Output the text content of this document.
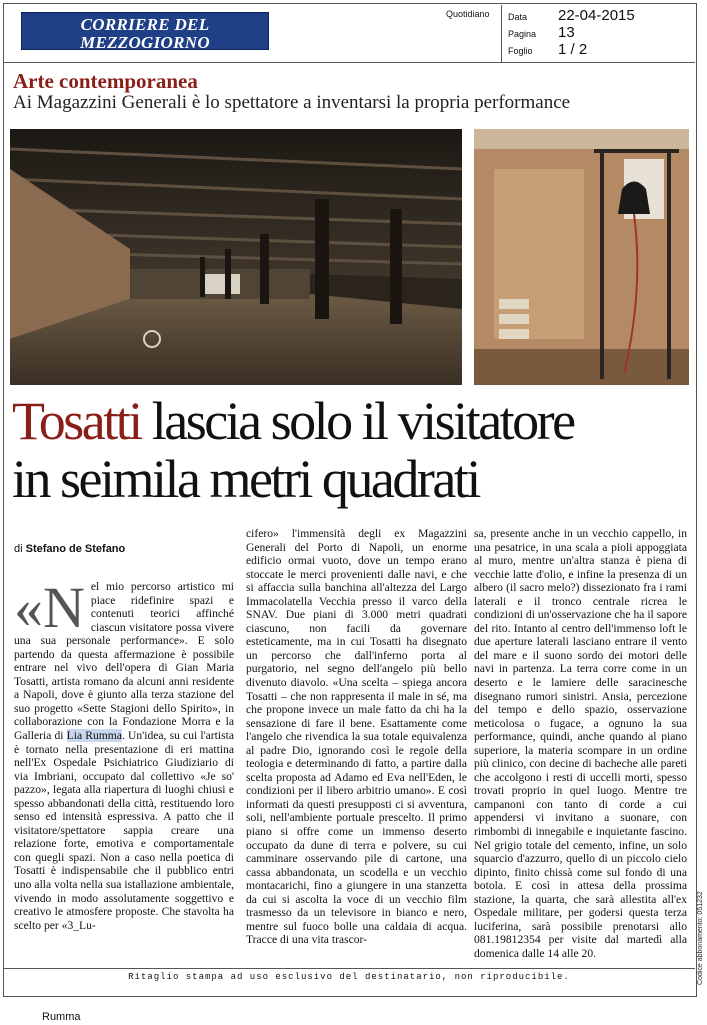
CORRIERE DEL MEZZOGIORNO
CAMPANIA
Quotidiano Data 22-04-2015
Pagina 13
Foglio 1 / 2
Arte contemporanea
Ai Magazzini Generali è lo spettatore a inventarsi la propria performance
Tosatti lascia solo il visitatore
in seimila metri quadrati
di Stefano de Stefano
«N el mio percorso artistico mi piace ridefinire spazi e contenuti teorici affinché ciascun visitatore possa vivere una sua personale performance». E solo partendo da questa affermazione è possibile entrare nel vivo dell'opera di Gian Maria Tosatti, artista romano da alcuni anni residente a Napoli, dove è giunto alla terza stazione del suo progetto «Sette Stagioni dello Spirito», in collaborazione con la Fondazione Morra e la Galleria di Lia Rumma. Un'idea, su cui l'artista è tornato nella presentazione di eri mattina nell'Ex Ospedale Psichiatrico Giudiziario di via Imbriani, occupato dal collettivo «Je so' pazzo», legata alla riapertura di luoghi chiusi e spesso abbandonati della città, restituendo loro senso ed intensità espressiva. A patto che il visitatore/spettatore sappia creare una relazione forte, emotiva e comportamentale con quegli spazi. Non a caso nella poetica di Tosatti è indispensabile che il pubblico entri uno alla volta nella sua istallazione ambientale, vivendo in modo assolutamente soggettivo e creativo le atmosfere proposte. Che stavolta ha scelto per «3_Lu-

cifero» l'immensità degli ex Magazzini Generali del Porto di Napoli, un enorme edificio ormai vuoto, dove un tempo erano stoccate le merci provenienti dalle navi, e che si affaccia sulla banchina all'altezza del Largo Immacolatella Vecchia presso il varco della SNAV. Due piani di 3.000 metri quadrati ciascuno, non facili da governare esteticamente, ma in cui Tosatti ha disegnato un percorso che dall'inferno porta al purgatorio, nel segno dell'angelo più bello divenuto diavolo. «Una scelta – spiega ancora Tosatti – che non rappresenta il male in sé, ma che propone invece un male fatto da chi ha la sensazione di fare il bene. Esattamente come l'angelo che rivendica la sua totale equivalenza al padre Dio, ignorando così le regole della teologia e determinando di fatto, a partire dalla scelta proposta ad Adamo ed Eva nell'Eden, le condizioni per il libero arbitrio umano». E così informati da questi presupposti ci si avventura, soli, nell'ambiente portuale prescelto. Il primo piano si offre come un immenso deserto occupato da dune di terra e polvere, su cui camminare osservando pile di cartone, una cassa abbandonata, un scodella e un vecchio montacarichi, fino a giungere in una stanzetta da cui si ascolta la voce di un vecchio film trasmesso da un televisore in bianco e nero, mentre sul fuoco bolle una caldaia di acqua. Tracce di una vita trascor-

sa, presente anche in un vecchio cappello, in una pesatrice, in una scala a pioli appoggiata al muro, mentre un'altra stanza è piena di vecchie latte d'olio, e infine la presenza di un albero (il sacro melo?) dissezionato fra i rami laterali e il tronco centrale ricrea le condizioni di un'osservazione che ha il sapore del rito. Intanto al centro dell'immenso loft le due aperture laterali lasciano entrare il vento del mare e il suono sordo dei motori delle navi in partenza. La terra corre come in un deserto e le lamiere delle saracinesche disegnano rumori sinistri. Ansia, percezione del tempo e dello spazio, osservazione meticolosa o fugace, a ognuno la sua performance, quindi, anche quando al piano superiore, la materia scompare in un ordine più clinico, con decine di bacheche alle pareti che accolgono i resti di uccelli morti, spesso trovati proprio in quel luogo. Mentre tre campanoni con tanto di corde a cui appendersi vi invitano a suonare, con rimbombi di innegabile e inquietante fascino. Nel grigio totale del cemento, infine, un solo squarcio d'azzurro, quello di un piccolo cielo dipinto, finito chissà come sul fondo di una botola. E così in attesa della prossima stazione, la quarta, che sarà allestita all'ex Ospedale militare, per godersi questa terza luciferina, sarà possibile prenotarsi allo 081.19812354 per visite dal martedì alla domenica dalle 14 alle 20.	Codice abbonamento: 051232
Ritaglio stampa ad uso esclusivo del destinatario, non riproducibile.
Rumma
